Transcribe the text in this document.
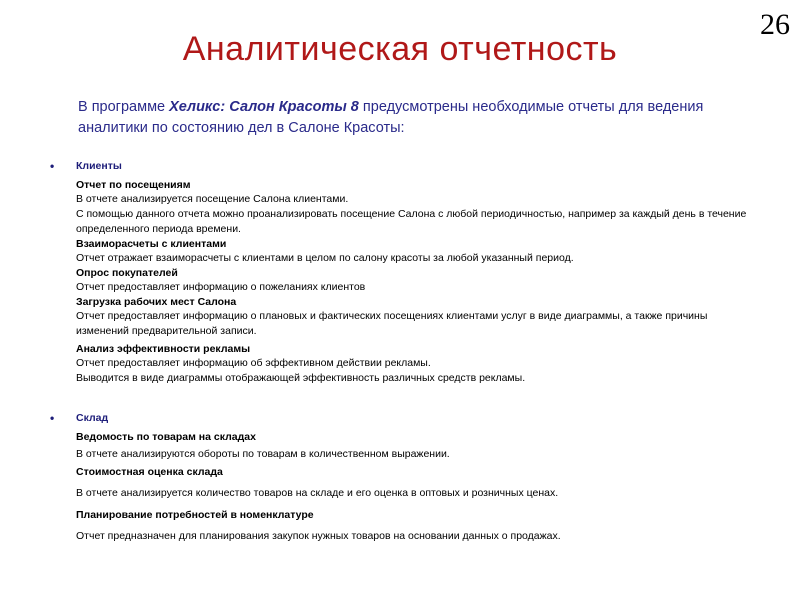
26
Аналитическая отчетность
В программе Хеликс: Салон Красоты 8 предусмотрены необходимые отчеты для ведения аналитики по состоянию дел в Салоне Красоты:
•	Клиенты
Отчет по посещениям
В отчете анализируется посещение Салона клиентами.
С помощью данного отчета можно проанализировать посещение Салона с любой периодичностью, например за каждый день в течение определенного периода времени.
Взаиморасчеты с клиентами
Отчет отражает взаиморасчеты с клиентами в целом по салону красоты за любой указанный период.
Опрос покупателей
Отчет предоставляет информацию о пожеланиях клиентов
Загрузка рабочих мест Салона
Отчет предоставляет информацию о плановых и фактических посещениях клиентами услуг в виде диаграммы, а также причины изменений предварительной записи.
Анализ эффективности рекламы
Отчет предоставляет информацию об эффективном действии рекламы.
Выводится в виде диаграммы отображающей эффективность различных средств рекламы.
•	Склад
Ведомость по товарам на складах
В отчете анализируются обороты по товарам в количественном выражении.
Стоимостная оценка склада
В отчете анализируется количество товаров на складе и его оценка в оптовых и розничных ценах.
Планирование потребностей в номенклатуре
Отчет предназначен для планирования закупок нужных товаров на основании данных о продажах.
